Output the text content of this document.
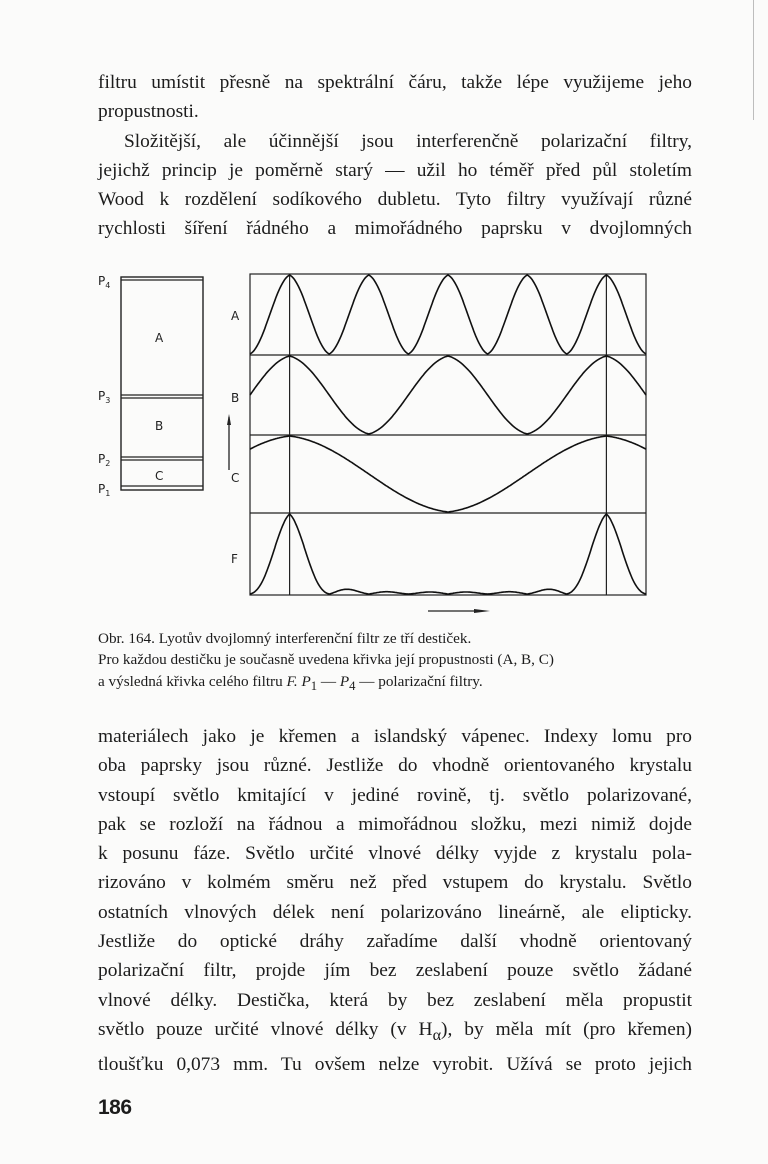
filtru umístit přesně na spektrální čáru, takže lépe využijeme jeho
propustnosti.
Složitější, ale účinnější jsou interferenčně polarizační filtry,
jejichž princip je poměrně starý — užil ho téměř před půl stoletím
Wood k rozdělení sodíkového dubletu. Tyto filtry využívají různé
rychlosti šíření řádného a mimořádného paprsku v dvojlomných
A
B
C
$P_4$
$P_3$
$P_2$
$P_1$
A
B
C
F
Obr. 164. Lyotův dvojlomný interferenční filtr ze tří destiček.
Pro každou destičku je současně uvedena křivka její propustnosti (A, B, C)
a výsledná křivka celého filtru F. $P_1$ — $P_4$ — polarizační filtry.
materiálech jako je křemen a islandský vápenec. Indexy lomu pro
oba paprsky jsou různé. Jestliže do vhodně orientovaného krystalu
vstoupí světlo kmitající v jediné rovině, tj. světlo polarizované,
pak se rozloží na řádnou a mimořádnou složku, mezi nimiž dojde
k posunu fáze. Světlo určité vlnové délky vyjde z krystalu pola-
rizováno v kolmém směru než před vstupem do krystalu. Světlo
ostatních vlnových délek není polarizováno lineárně, ale elipticky.
Jestliže do optické dráhy zařadíme další vhodně orientovaný
polarizační filtr, projde jím bez zeslabení pouze světlo žádané
vlnové délky. Destička, která by bez zeslabení měla propustit
světlo pouze určité vlnové délky (v $H_\alpha$), by měla mít (pro křemen)
tloušťku 0,073 mm. Tu ovšem nelze vyrobit. Užívá se proto jejich
186
